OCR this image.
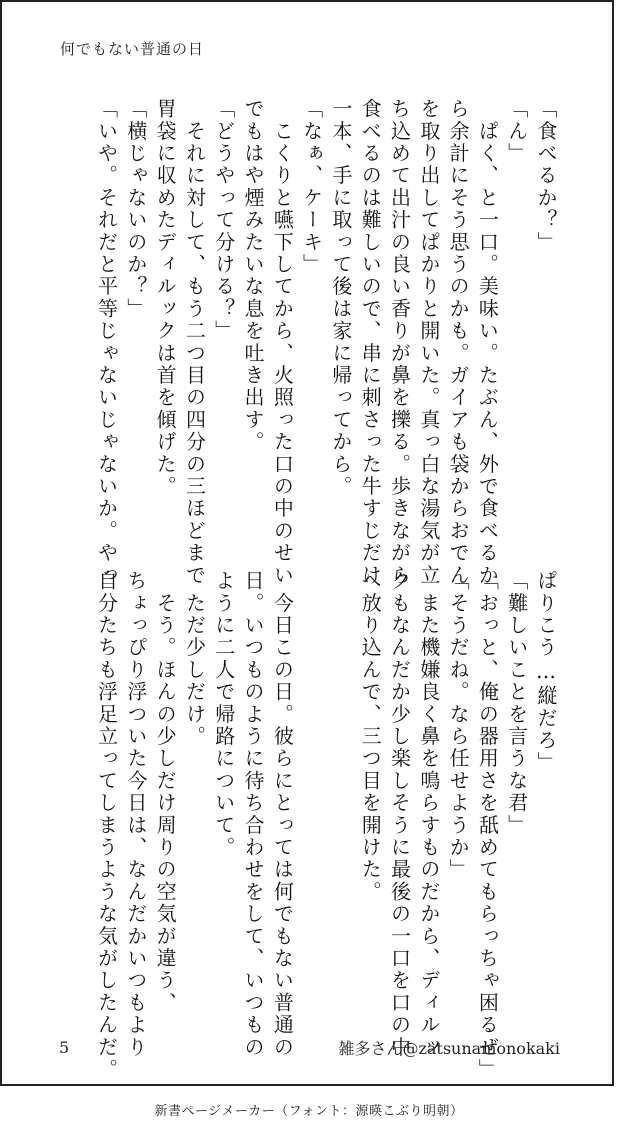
何でもない普通の日
「食べるか？」
「ん」
　ぱく、と一口。美味い。たぶん、外で食べるか
ら余計にそう思うのかも。ガイアも袋からおでん
を取り出してぱかりと開いた。真っ白な湯気が立
ち込めて出汁の良い香りが鼻を擽る。歩きながら
食べるのは難しいので、串に刺さった牛すじだけ
一本、手に取って後は家に帰ってから。
「なぁ、ケーキ」
　こくりと嚥下してから、火照った口の中のせい
でもはや煙みたいな息を吐き出す。
「どうやって分ける？」
　それに対して、もう二つ目の四分の三ほどまで
胃袋に収めたディルックは首を傾げた。
「横じゃないのか？」
「いや。それだと平等じゃないじゃないか。やっ
ぱりこう…縦だろ」
「難しいことを言うな君」
「おっと、俺の器用さを舐めてもらっちゃ困るぜ」
「そうだね。なら任せようか」
　また機嫌良く鼻を鳴らすものだから、ディルッ
クもなんだか少し楽しそうに最後の一口を口の中
へ放り込んで、三つ目を開けた。

　今日この日。彼らにとっては何でもない普通の
日。いつものように待ち合わせをして、いつもの
ように二人で帰路について。
　ただ少しだけ。
　そう。ほんの少しだけ周りの空気が違う、
ちょっぴり浮ついた今日は、なんだかいつもより
自分たちも浮足立ってしまうような気がしたんだ。
5	雑多さん@zatsunamonokaki
新書ページメーカー（フォント：源暎こぶり明朝）
